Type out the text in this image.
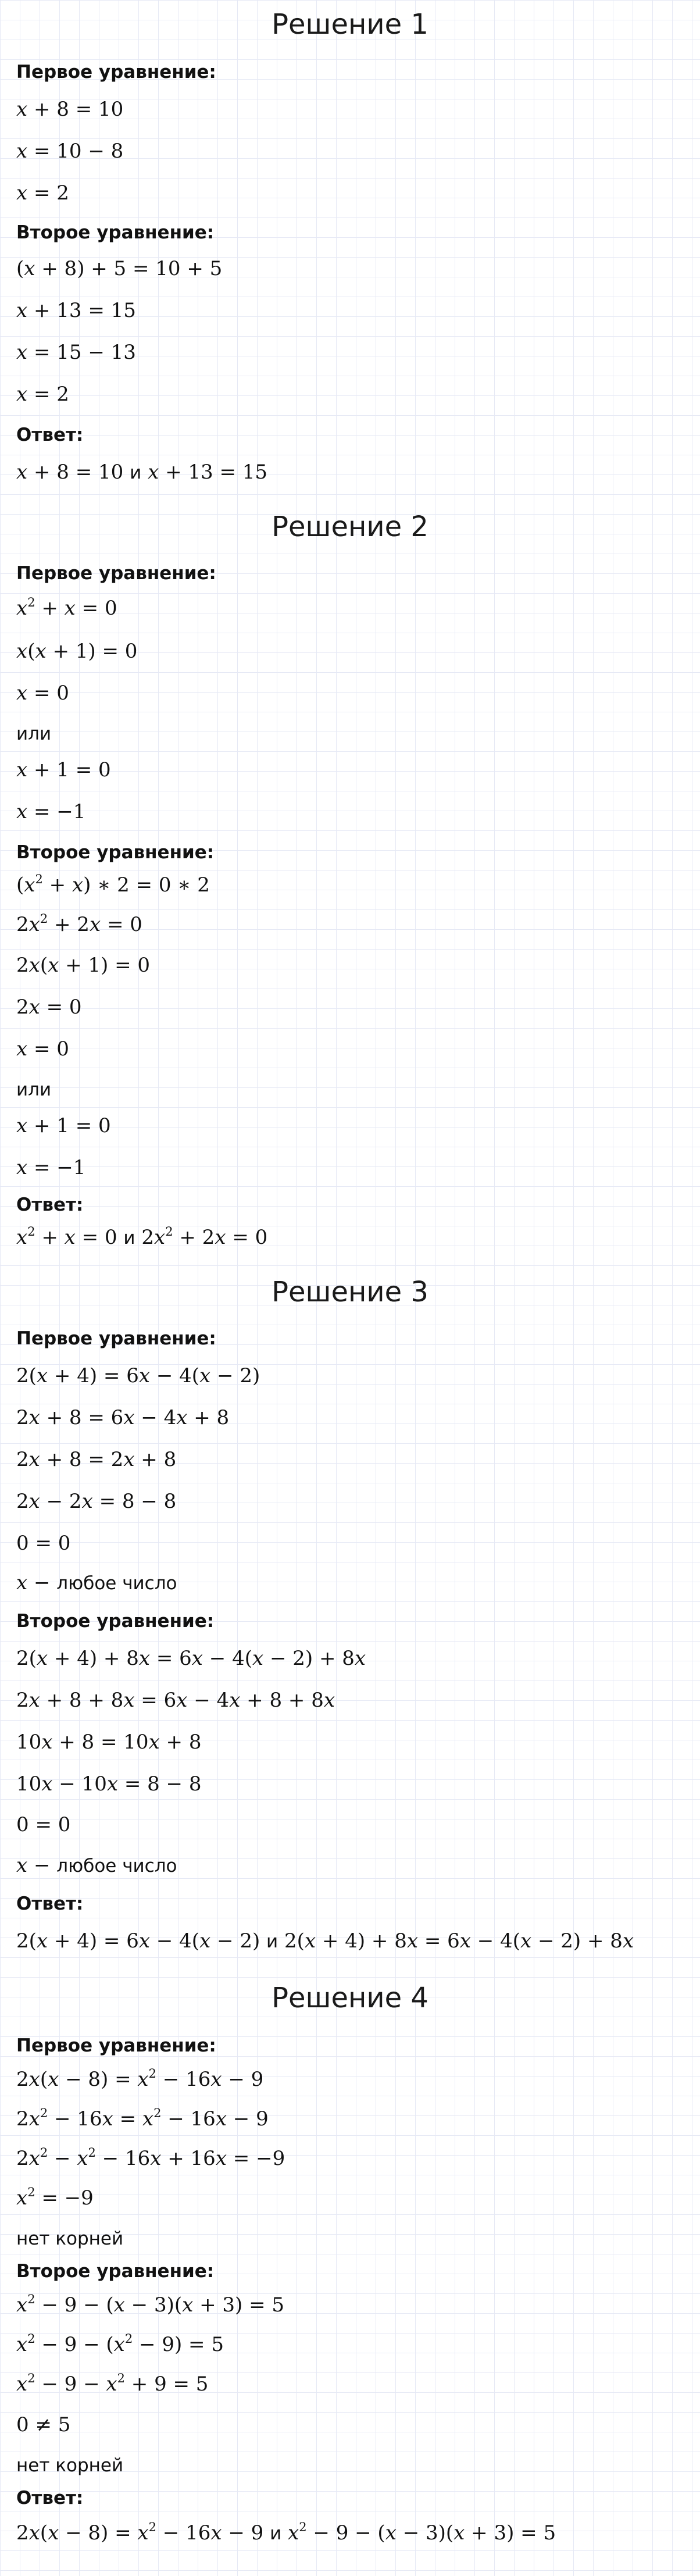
Решение 1
Первое уравнение:
x + 8 = 10
x = 10 − 8
x = 2
Второе уравнение:
(x + 8) + 5 = 10 + 5
x + 13 = 15
x = 15 − 13
x = 2
Ответ:
x + 8 = 10 и x + 13 = 15
Решение 2
Первое уравнение:
$x^2 + x = 0$
x(x + 1) = 0
x = 0
или
x + 1 = 0
x = −1
Второе уравнение:
$(x^2 + x)$ ∗ 2 = 0 ∗ 2
$2x^2 + 2x = 0$
2x(x + 1) = 0
2x = 0
x = 0
или
x + 1 = 0
x = −1
Ответ:
$x^2 + x = 0$ и $2x^2 + 2x = 0$
Решение 3
Первое уравнение:
2(x + 4) = 6x − 4(x − 2)
2x + 8 = 6x − 4x + 8
2x + 8 = 2x + 8
2x − 2x = 8 − 8
0 = 0
x − любое число
Второе уравнение:
2(x + 4) + 8x = 6x − 4(x − 2) + 8x
2x + 8 + 8x = 6x − 4x + 8 + 8x
10x + 8 = 10x + 8
10x − 10x = 8 − 8
0 = 0
x − любое число
Ответ:
2(x + 4) = 6x − 4(x − 2) и 2(x + 4) + 8x = 6x − 4(x − 2) + 8x
Решение 4
Первое уравнение:
$2x(x - 8) = x^2 - 16x - 9$
$2x^2 - 16x = x^2 - 16x - 9$
$2x^2 - x^2 - 16x + 16x = -9$
$x^2 = -9$
нет корней
Второе уравнение:
$x^2 - 9 - (x - 3)(x + 3) = 5$
$x^2 - 9 - (x^2 - 9) = 5$
$x^2 - 9 - x^2 + 9 = 5$
0 ≠ 5
нет корней
Ответ:
$2x(x - 8) = x^2 - 16x - 9$ и $x^2 - 9 - (x - 3)(x + 3) = 5$
